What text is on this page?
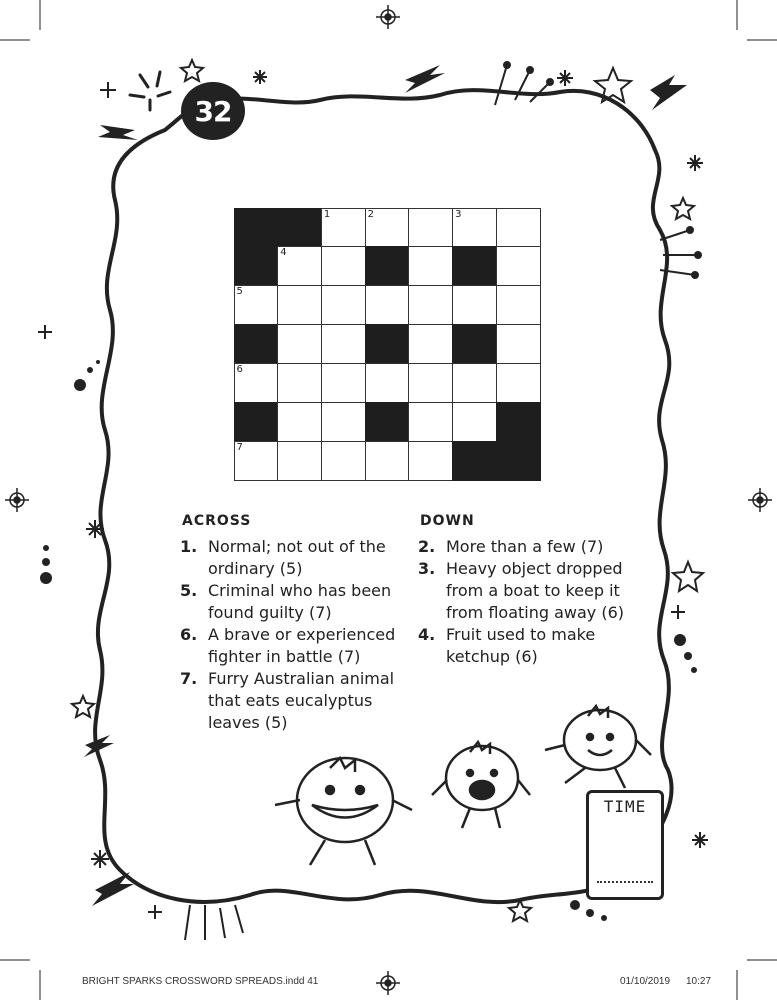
32
1	2	3
4
5
6
7
ACROSS
1. Normal; not out of the ordinary (5)
5. Criminal who has been found guilty (7)
6. A brave or experienced fighter in battle (7)
7. Furry Australian animal that eats eucalyptus leaves (5)
DOWN
2. More than a few (7)
3. Heavy object dropped from a boat to keep it from floating away (6)
4. Fruit used to make ketchup (6)
TIME
BRIGHT SPARKS CROSSWORD SPREADS.indd 41	01/10/2019 10:27
